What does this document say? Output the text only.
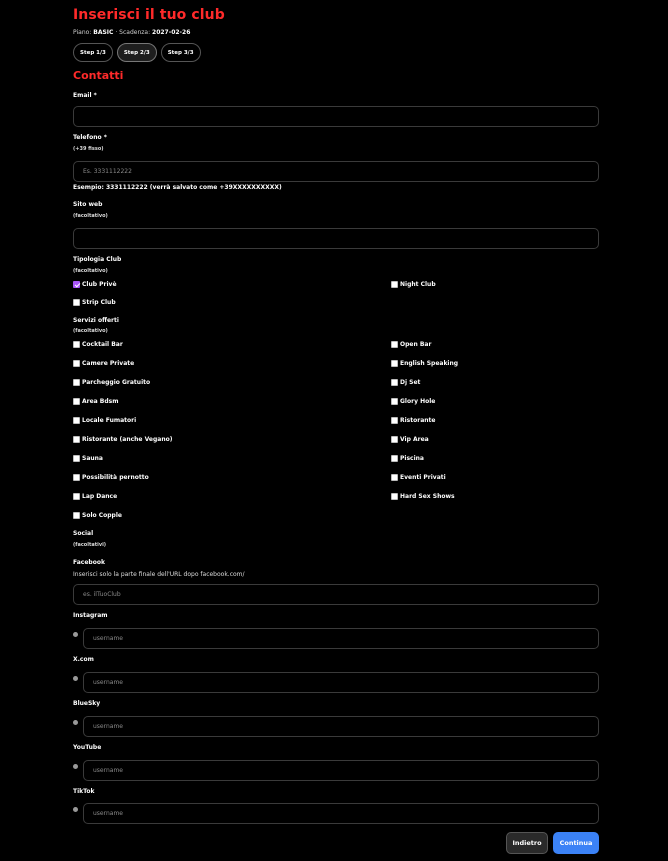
Inserisci il tuo club
Piano: BASIC · Scadenza: 2027-02-26
Step 1/3	Step 2/3	Step 3/3
Contatti
Email *
Telefono *
(+39 fisso)
Es. 3331112222
Esempio: 3331112222 (verrà salvato come +39XXXXXXXXXX)
Sito web
(facoltativo)
Tipologia Club
(facoltativo)
Club Privè
Strip Club
Night Club
Servizi offerti
(facoltativo)
Cocktail Bar
Camere Private
Parcheggio Gratuito
Area Bdsm
Locale Fumatori
Ristorante (anche Vegano)
Sauna
Possibilità pernotto
Lap Dance
Solo Copple
Open Bar
English Speaking
Dj Set
Glory Hole
Ristorante
Vip Area
Piscina
Eventi Privati
Hard Sex Shows
Social
(facoltativi)
Facebook
Inserisci solo la parte finale dell'URL dopo facebook.com/
es. ilTuoClub
Instagram
username
X.com
username
BlueSky
username
YouTube
username
TikTok
username
Indietro	Continua
